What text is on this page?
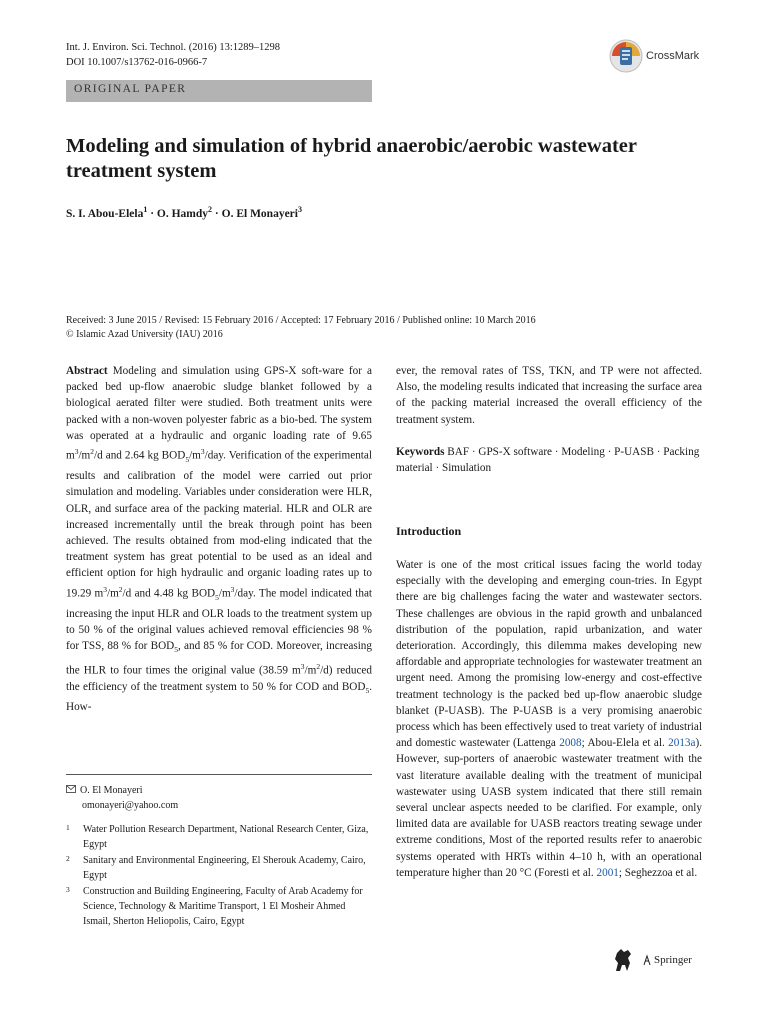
Int. J. Environ. Sci. Technol. (2016) 13:1289–1298
DOI 10.1007/s13762-016-0966-7
CrossMark
ORIGINAL PAPER
Modeling and simulation of hybrid anaerobic/aerobic wastewater treatment system
S. I. Abou-Elela$^1$ · O. Hamdy$^2$ · O. El Monayeri$^3$
Received: 3 June 2015 / Revised: 15 February 2016 / Accepted: 17 February 2016 / Published online: 10 March 2016
© Islamic Azad University (IAU) 2016

Abstract Modeling and simulation using GPS-X soft-ware for a packed bed up-flow anaerobic sludge blanket followed by a biological aerated filter were studied. Both treatment units were packed with a non-woven polyester fabric as a bio-bed. The system was operated at a hydraulic and organic loading rate of 9.65 $m^3/m^2/d$ and 2.64 kg $BOD_5/m^3$/day. Verification of the experimental results and calibration of the model were carried out prior simulation and modeling. Variables under consideration were HLR, OLR, and surface area of the packing material. HLR and OLR are increased incrementally until the break through point has been achieved. The results obtained from mod-eling indicated that the treatment system has great potential to be used as an ideal and efficient option for high hydraulic and organic loading rates up to 19.29 $m^3/m^2/d$ and 4.48 kg $BOD_5/m^3$/day. The model indicated that increasing the input HLR and OLR loads to the treatment system up to 50 % of the original values achieved removal efficiencies 98 % for TSS, 88 % for $BOD_5$, and 85 % for COD. Moreover, increasing the HLR to four times the original value (38.59 $m^3/m^2/d$) reduced the efficiency of the treatment system to 50 % for COD and $BOD_5$. How-

ever, the removal rates of TSS, TKN, and TP were not affected. Also, the modeling results indicated that increasing the surface area of the packing material increased the overall efficiency of the treatment system.

Keywords BAF · GPS-X software · Modeling · P-UASB · Packing material · Simulation

Introduction

Water is one of the most critical issues facing the world today especially with the developing and emerging coun-tries. In Egypt there are big challenges facing the water and wastewater sectors. These challenges are obvious in the rapid growth and unbalanced distribution of the population, rapid urbanization, and water deterioration. Accordingly, this dilemma makes developing new affordable and appropriate technologies for wastewater treatment an urgent need. Among the promising low-energy and cost-effective treatment technology is the packed bed up-flow anaerobic sludge blanket (P-UASB). The P-UASB is a very promising anaerobic process which has been effectively used to treat variety of industrial and domestic wastewater (Lattenga 2008; Abou-Elela et al. 2013a). However, sup-porters of anaerobic wastewater treatment with the vast literature available dealing with the treatment of municipal wastewater using UASB system indicated that there still remain several unclear aspects needed to be clarified. For example, only limited data are available for UASB reactors treating sewage under extreme conditions, Most of the reported results refer to anaerobic systems operated with HRTs within 4–10 h, with an operational temperature higher than 20 °C (Foresti et al. 2001; Seghezzoa et al.

O. El Monayeri
omonayeri@yahoo.com
1	Water Pollution Research Department, National Research Center, Giza, Egypt
2	Sanitary and Environmental Engineering, El Sherouk Academy, Cairo, Egypt
3	Construction and Building Engineering, Faculty of Arab Academy for Science, Technology & Maritime Transport, 1 El Mosheir Ahmed Ismail, Sherton Heliopolis, Cairo, Egypt
Springer
